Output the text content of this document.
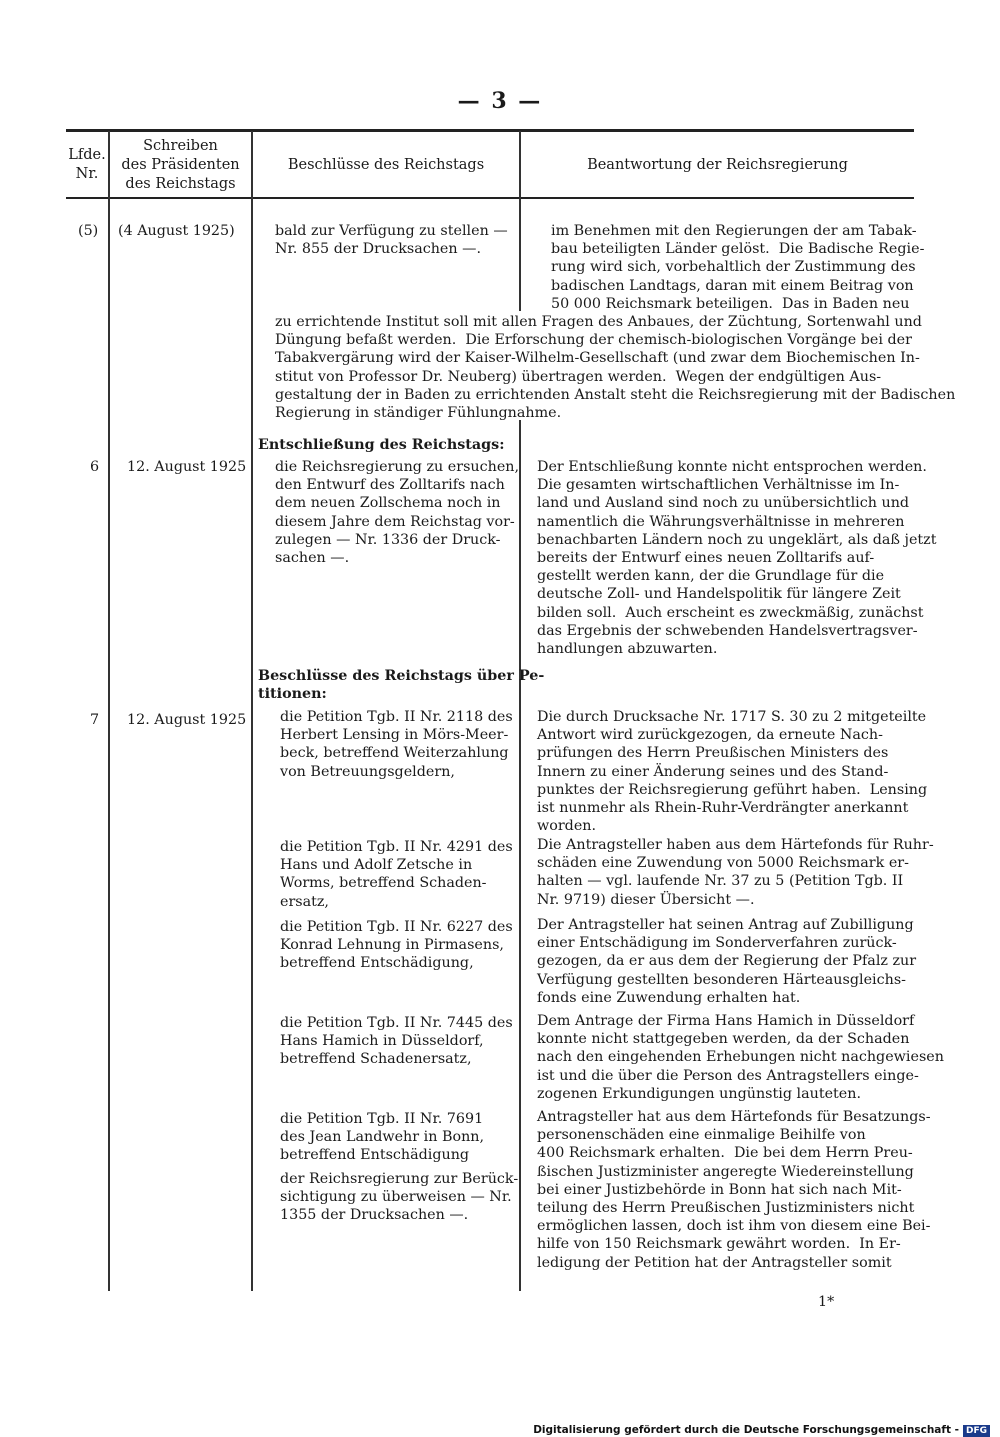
— 3 —
Lfde.
Nr.
Schreiben
des Präsidenten
des Reichstags
Beschlüsse des Reichstags	Beantwortung der Reichsregierung
(5) (4 August 1925)	bald zur Verfügung zu stellen —
Nr. 855 der Drucksachen —.
im Benehmen mit den Regierungen der am Tabak-
bau beteiligten Länder gelöst.  Die Badische Regie-
rung wird sich, vorbehaltlich der Zustimmung des
badischen Landtags, daran mit einem Beitrag von
50 000 Reichsmark beteiligen.  Das in Baden neu
zu errichtende Institut soll mit allen Fragen des Anbaues, der Züchtung, Sortenwahl und
Düngung befaßt werden.  Die Erforschung der chemisch-biologischen Vorgänge bei der
Tabakvergärung wird der Kaiser-Wilhelm-Gesellschaft (und zwar dem Biochemischen In-
stitut von Professor Dr. Neuberg) übertragen werden.  Wegen der endgültigen Aus-
gestaltung der in Baden zu errichtenden Anstalt steht die Reichsregierung mit der Badischen
Regierung in ständiger Fühlungnahme.
Entschließung des Reichstags:
6 12. August 1925 die Reichsregierung zu ersuchen,
den Entwurf des Zolltarifs nach
dem neuen Zollschema noch in
diesem Jahre dem Reichstag vor-
zulegen — Nr. 1336 der Druck-
sachen —.
Der Entschließung konnte nicht entsprochen werden.
Die gesamten wirtschaftlichen Verhältnisse im In-
land und Ausland sind noch zu unübersichtlich und
namentlich die Währungsverhältnisse in mehreren
benachbarten Ländern noch zu ungeklärt, als daß jetzt
bereits der Entwurf eines neuen Zolltarifs auf-
gestellt werden kann, der die Grundlage für die
deutsche Zoll- und Handelspolitik für längere Zeit
bilden soll.  Auch erscheint es zweckmäßig, zunächst
das Ergebnis der schwebenden Handelsvertragsver-
handlungen abzuwarten.
Beschlüsse des Reichstags über Pe-
titionen:
7 12. August 1925 die Petition Tgb. II Nr. 2118 des
Herbert Lensing in Mörs-Meer-
beck, betreffend Weiterzahlung
von Betreuungsgeldern,
Die durch Drucksache Nr. 1717 S. 30 zu 2 mitgeteilte
Antwort wird zurückgezogen, da erneute Nach-
prüfungen des Herrn Preußischen Ministers des
Innern zu einer Änderung seines und des Stand-
punktes der Reichsregierung geführt haben.  Lensing
ist nunmehr als Rhein-Ruhr-Verdrängter anerkannt
worden.
die Petition Tgb. II Nr. 4291 des
Hans und Adolf Zetsche in
Worms, betreffend Schaden-
ersatz,
Die Antragsteller haben aus dem Härtefonds für Ruhr-
schäden eine Zuwendung von 5000 Reichsmark er-
halten — vgl. laufende Nr. 37 zu 5 (Petition Tgb. II
Nr. 9719) dieser Übersicht —.
die Petition Tgb. II Nr. 6227 des
Konrad Lehnung in Pirmasens,
betreffend Entschädigung,
Der Antragsteller hat seinen Antrag auf Zubilligung
einer Entschädigung im Sonderverfahren zurück-
gezogen, da er aus dem der Regierung der Pfalz zur
Verfügung gestellten besonderen Härteausgleichs-
fonds eine Zuwendung erhalten hat.
die Petition Tgb. II Nr. 7445 des
Hans Hamich in Düsseldorf,
betreffend Schadenersatz,
Dem Antrage der Firma Hans Hamich in Düsseldorf
konnte nicht stattgegeben werden, da der Schaden
nach den eingehenden Erhebungen nicht nachgewiesen
ist und die über die Person des Antragstellers einge-
zogenen Erkundigungen ungünstig lauteten.
die Petition Tgb. II Nr. 7691
des Jean Landwehr in Bonn,
betreffend Entschädigung
der Reichsregierung zur Berück-
sichtigung zu überweisen — Nr.
1355 der Drucksachen —.
Antragsteller hat aus dem Härtefonds für Besatzungs-
personenschäden eine einmalige Beihilfe von
400 Reichsmark erhalten.  Die bei dem Herrn Preu-
ßischen Justizminister angeregte Wiedereinstellung
bei einer Justizbehörde in Bonn hat sich nach Mit-
teilung des Herrn Preußischen Justizministers nicht
ermöglichen lassen, doch ist ihm von diesem eine Bei-
hilfe von 150 Reichsmark gewährt worden.  In Er-
ledigung der Petition hat der Antragsteller somit
1*

Digitalisierung gefördert durch die Deutsche Forschungsgemeinschaft - DFG
